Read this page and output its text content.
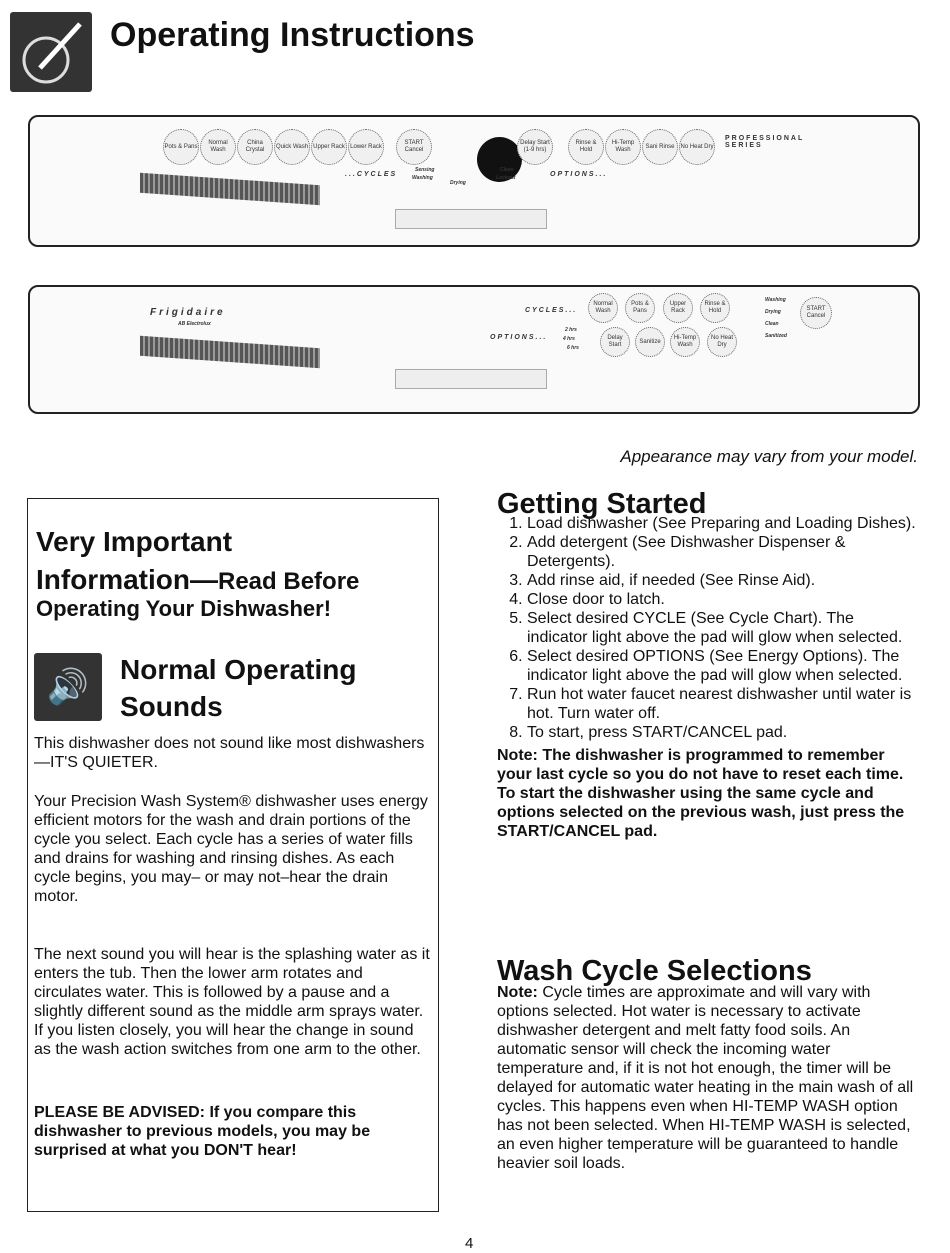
Operating Instructions
Pots & Pans
Normal Wash
China Crystal
Quick Wash Upper Rack Lower Rack
START Cancel
Delay Start (1-9 hrs)
Rinse & Hold
Hi-Temp Wash
Sani Rinse No Heat Dry
...CYCLES	OPTIONS...
PROFESSIONAL SERIES
Sensing
Washing
Drying
Clean
Lockout
Frigidaire
AB Electrolux
CYCLES...
OPTIONS...
Normal Wash
Pots & Pans
Upper Rack
Rinse & Hold
Delay Start
Sanitize
Hi-Temp Wash
No Heat Dry
START Cancel
2 hrs
4 hrs
6 hrs
Washing
Drying
Clean
Sanitized
Appearance may vary from your model.
Very Important
Information—Read Before
Operating Your Dishwasher!
🔊	Normal Operating Sounds
This dishwasher does not sound like most dishwashers—IT'S QUIETER.
Your Precision Wash System® dishwasher uses energy efficient motors for the wash and drain portions of the cycle you select. Each cycle has a series of water fills and drains for washing and rinsing dishes. As each cycle begins, you may– or may not–hear the drain motor.
The next sound you will hear is the splashing water as it enters the tub. Then the lower arm rotates and circulates water. This is followed by a pause and a slightly different sound as the middle arm sprays water. If you listen closely, you will hear the change in sound as the wash action switches from one arm to the other.
PLEASE BE ADVISED: If you compare this dishwasher to previous models, you may be surprised at what you DON'T hear!
Getting Started
1. Load dishwasher (See Preparing and Loading Dishes).
2. Add detergent (See Dishwasher Dispenser & Detergents).
3. Add rinse aid, if needed (See Rinse Aid).
4. Close door to latch.
5. Select desired CYCLE (See Cycle Chart). The indicator light above the pad will glow when selected.
6. Select desired OPTIONS (See Energy Options). The indicator light above the pad will glow when selected.
7. Run hot water faucet nearest dishwasher until water is hot. Turn water off.
8. To start, press START/CANCEL pad.
Note: The dishwasher is programmed to remember your last cycle so you do not have to reset each time. To start the dishwasher using the same cycle and options selected on the previous wash, just press the START/CANCEL pad.
Wash Cycle Selections
Note: Cycle times are approximate and will vary with options selected. Hot water is necessary to activate dishwasher detergent and melt fatty food soils. An automatic sensor will check the incoming water temperature and, if it is not hot enough, the timer will be delayed for automatic water heating in the main wash of all cycles. This happens even when HI-TEMP WASH option has not been selected. When HI-TEMP WASH is selected, an even higher temperature will be guaranteed to handle heavier soil loads.
4
